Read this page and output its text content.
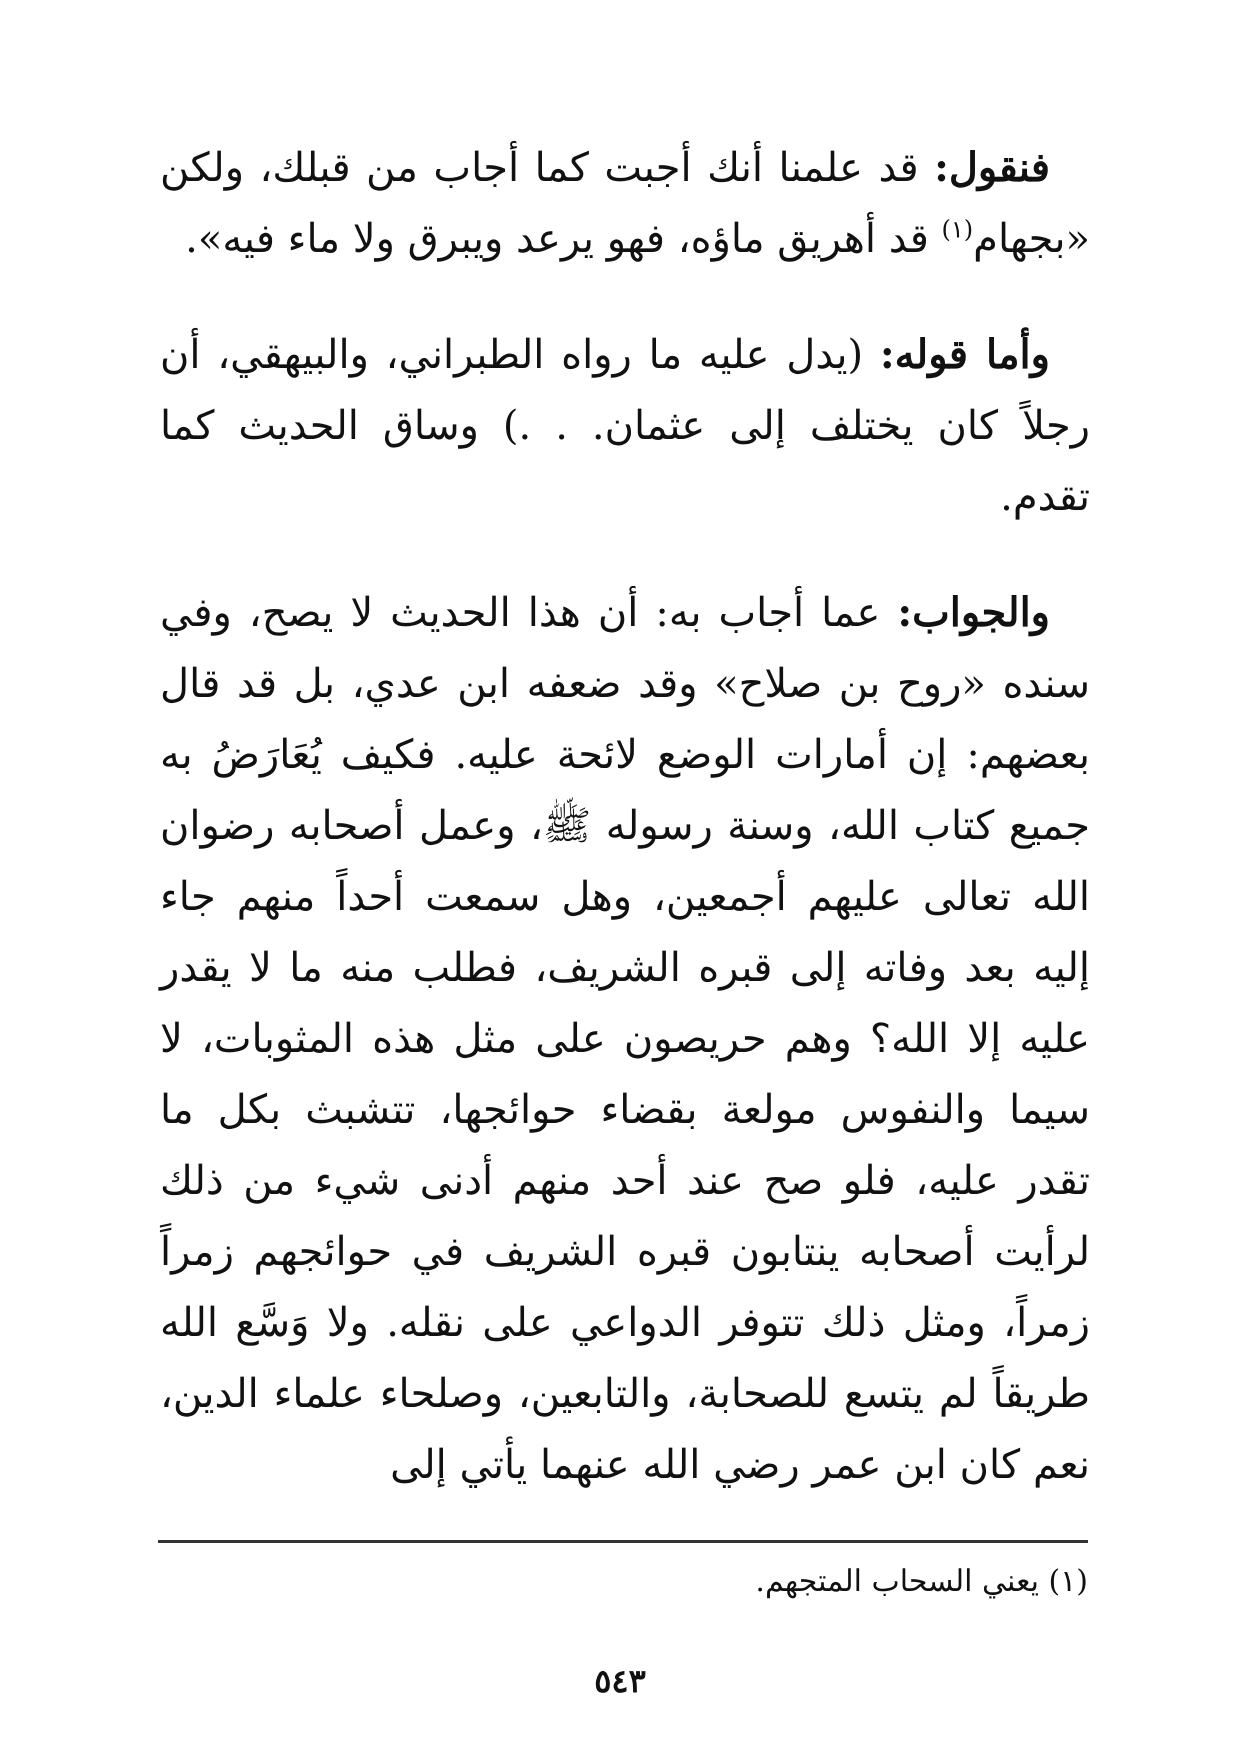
فنقول: قد علمنا أنك أجبت كما أجاب من قبلك، ولكن «بجهام$^{(١)}$ قد أهريق ماؤه، فهو يرعد ويبرق ولا ماء فيه».

وأما قوله: (يدل عليه ما رواه الطبراني، والبيهقي، أن رجلاً كان يختلف إلى عثمان. . .) وساق الحديث كما تقدم.

والجواب: عما أجاب به: أن هذا الحديث لا يصح، وفي سنده «روح بن صلاح» وقد ضعفه ابن عدي، بل قد قال بعضهم: إن أمارات الوضع لائحة عليه. فكيف يُعَارَضُ به جميع كتاب الله، وسنة رسوله ﷺ، وعمل أصحابه رضوان الله تعالى عليهم أجمعين، وهل سمعت أحداً منهم جاء إليه بعد وفاته إلى قبره الشريف، فطلب منه ما لا يقدر عليه إلا الله؟ وهم حريصون على مثل هذه المثوبات، لا سيما والنفوس مولعة بقضاء حوائجها، تتشبث بكل ما تقدر عليه، فلو صح عند أحد منهم أدنى شيء من ذلك لرأيت أصحابه ينتابون قبره الشريف في حوائجهم زمراً زمراً، ومثل ذلك تتوفر الدواعي على نقله. ولا وَسَّع الله طريقاً لم يتسع للصحابة، والتابعين، وصلحاء علماء الدين، نعم كان ابن عمر رضي الله عنهما يأتي إلى

(١) يعني السحاب المتجهم.
٥٤٣
